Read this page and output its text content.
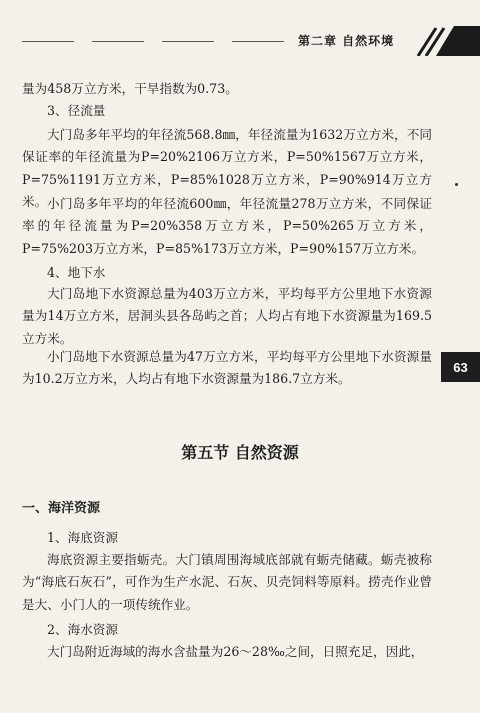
第二章 自然环境
量为458万立方米，干旱指数为0.73。
3、径流量
大门岛多年平均的年径流568.8㎜，年径流量为1632万立方米，不同保证率的年径流量为P=20%2106万立方米，P=50%1567万立方米，P=75%1191万立方米，P=85%1028万立方米，P=90%914万立方米。 小门岛多年平均的年径流600㎜，年径流量278万立方米，不同保证率的年径流量为P=20%358万立方米，P=50%265万立方米，P=75%203万立方米，P=85%173万立方米，P=90%157万立方米。
4、地下水
大门岛地下水资源总量为403万立方米，平均每平方公里地下水资源量为14万立方米，居洞头县各岛屿之首；人均占有地下水资源量为169.5立方米。
小门岛地下水资源总量为47万立方米，平均每平方公里地下水资源量为10.2万立方米，人均占有地下水资源量为186.7立方米。
第五节 自然资源
一、海洋资源
1、海底资源
海底资源主要指蛎壳。大门镇周围海域底部就有蛎壳储藏。蛎壳被称为“海底石灰石”，可作为生产水泥、石灰、贝壳饲料等原料。捞壳作业曾是大、小门人的一项传统作业。
2、海水资源
大门岛附近海域的海水含盐量为26～28‰之间，日照充足，因此，
63
